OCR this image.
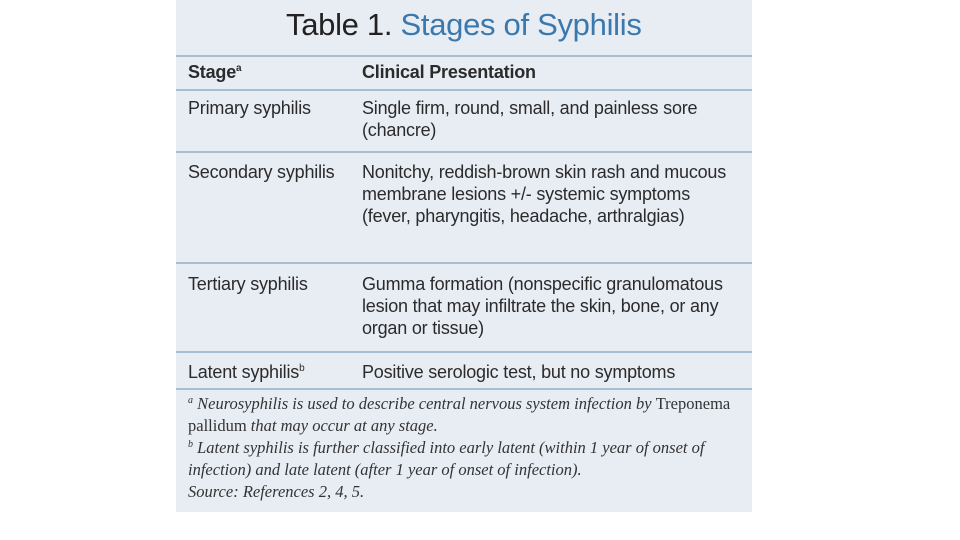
Table 1. Stages of Syphilis
Stage$^a$	Clinical Presentation
Primary syphilis	Single firm, round, small, and painless sore (chancre)
Secondary syphilis	Nonitchy, reddish-brown skin rash and mucous membrane lesions +/- systemic symptoms (fever, pharyngitis, headache, arthralgias)
Tertiary syphilis	Gumma formation (nonspecific granulomatous lesion that may infiltrate the skin, bone, or any organ or tissue)
Latent syphilis$^b$	Positive serologic test, but no symptoms

$^a$ Neurosyphilis is used to describe central nervous system infection by Treponema pallidum that may occur at any stage.

$^b$ Latent syphilis is further classified into early latent (within 1 year of onset of infection) and late latent (after 1 year of onset of infection).

Source: References 2, 4, 5.
